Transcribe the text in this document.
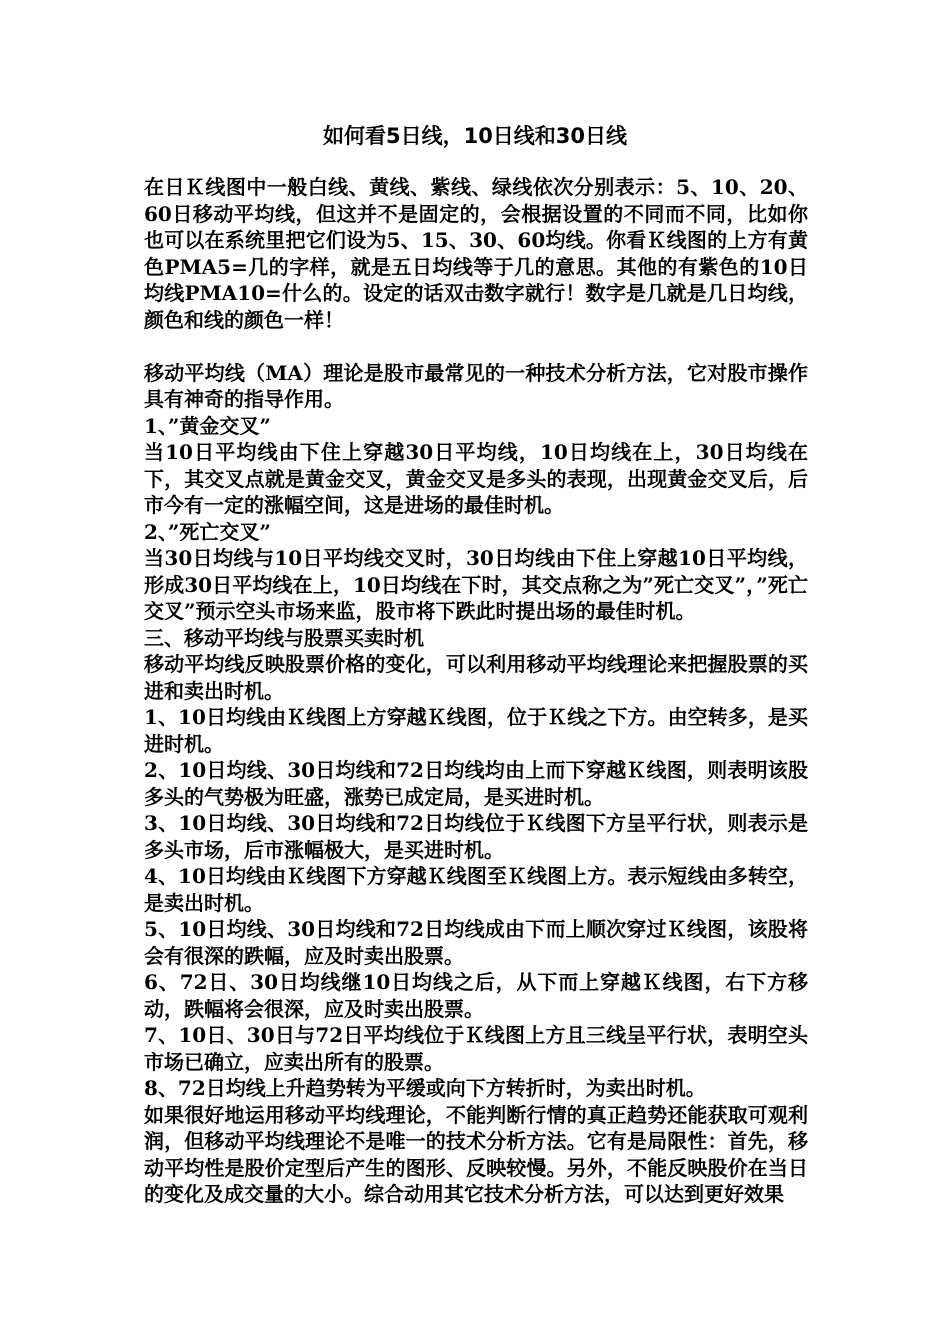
如何看5日线，10日线和30日线

在日Ｋ线图中一般白线、黄线、紫线、绿线依次分别表示：5、10、20、60日移动平均线，但这并不是固定的，会根据设置的不同而不同，比如你也可以在系统里把它们设为5、15、30、60均线。你看Ｋ线图的上方有黄色PMA5=几的字样，就是五日均线等于几的意思。其他的有紫色的10日均线PMA10=什么的。设定的话双击数字就行！数字是几就是几日均线，颜色和线的颜色一样！

移动平均线（MA）理论是股市最常见的一种技术分析方法，它对股市操作具有神奇的指导作用。

1、”黄金交叉”

当10日平均线由下住上穿越30日平均线，10日均线在上，30日均线在下，其交叉点就是黄金交叉，黄金交叉是多头的表现，出现黄金交叉后，后市今有一定的涨幅空间，这是进场的最佳时机。

2、”死亡交叉”

当30日均线与10日平均线交叉时，30日均线由下住上穿越10日平均线，形成30日平均线在上，10日均线在下时，其交点称之为”死亡交叉”，”死亡交叉”预示空头市场来监，股市将下跌此时提出场的最佳时机。

三、移动平均线与股票买卖时机

移动平均线反映股票价格的变化，可以利用移动平均线理论来把握股票的买进和卖出时机。

1、10日均线由Ｋ线图上方穿越Ｋ线图，位于Ｋ线之下方。由空转多，是买进时机。

2、10日均线、30日均线和72日均线均由上而下穿越Ｋ线图，则表明该股多头的气势极为旺盛，涨势已成定局，是买进时机。

3、10日均线、30日均线和72日均线位于Ｋ线图下方呈平行状，则表示是多头市场，后市涨幅极大，是买进时机。

4、10日均线由Ｋ线图下方穿越Ｋ线图至Ｋ线图上方。表示短线由多转空，是卖出时机。

5、10日均线、30日均线和72日均线成由下而上顺次穿过Ｋ线图，该股将会有很深的跌幅，应及时卖出股票。

6、72日、30日均线继10日均线之后，从下而上穿越Ｋ线图，右下方移动，跌幅将会很深，应及时卖出股票。

7、10日、30日与72日平均线位于Ｋ线图上方且三线呈平行状，表明空头市场已确立，应卖出所有的股票。

8、72日均线上升趋势转为平缓或向下方转折时，为卖出时机。

如果很好地运用移动平均线理论，不能判断行情的真正趋势还能获取可观利润，但移动平均线理论不是唯一的技术分析方法。它有是局限性：首先，移动平均性是股价定型后产生的图形、反映较慢。另外，不能反映股价在当日的变化及成交量的大小。综合动用其它技术分析方法，可以达到更好效果
